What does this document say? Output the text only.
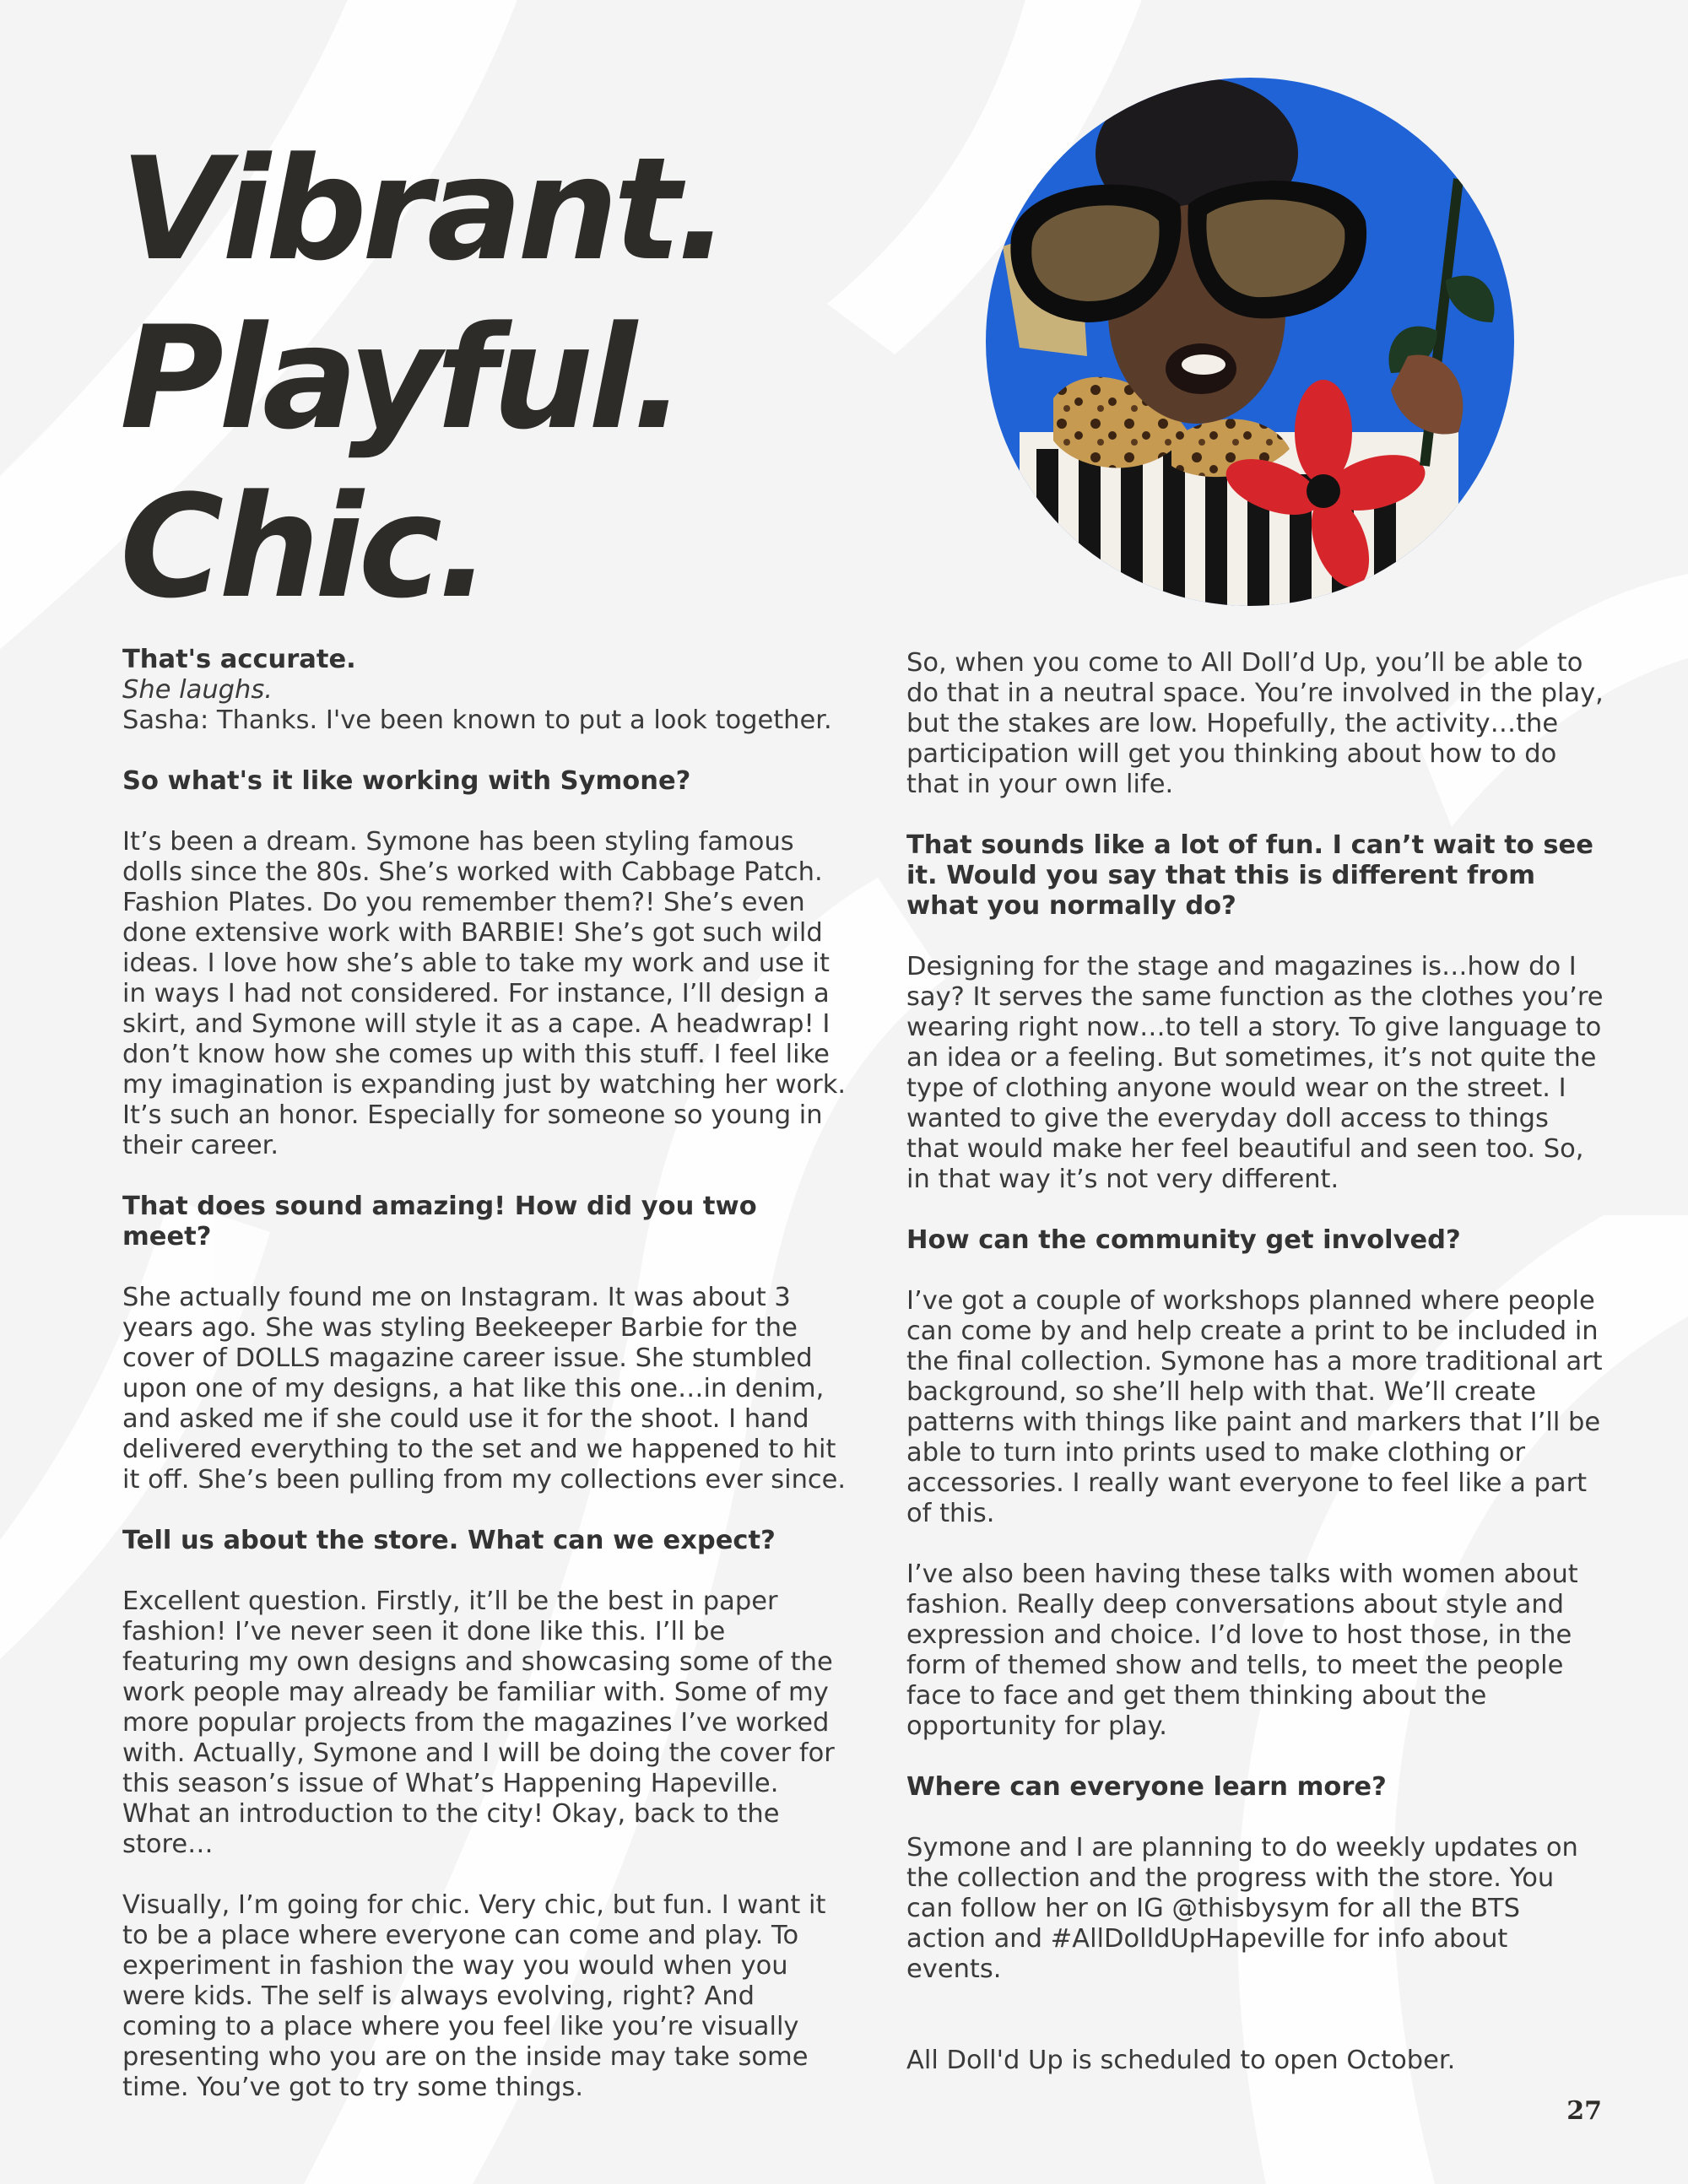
Vibrant.
Playful.
Chic.

That's accurate.

She laughs.

Sasha: Thanks. I've been known to put a look together.

So what's it like working with Symone?

It’s been a dream. Symone has been styling famous dolls since the 80s. She’s worked with Cabbage Patch. Fashion Plates. Do you remember them?! She’s even done extensive work with BARBIE! She’s got such wild ideas. I love how she’s able to take my work and use it in ways I had not considered. For instance, I’ll design a skirt, and Symone will style it as a cape. A headwrap! I don’t know how she comes up with this stuff. I feel like my imagination is expanding just by watching her work. It’s such an honor. Especially for someone so young in their career.

That does sound amazing! How did you two meet?

She actually found me on Instagram. It was about 3 years ago. She was styling Beekeeper Barbie for the cover of DOLLS magazine career issue. She stumbled upon one of my designs, a hat like this one…in denim, and asked me if she could use it for the shoot. I hand delivered everything to the set and we happened to hit it off. She’s been pulling from my collections ever since.

Tell us about the store. What can we expect?

Excellent question. Firstly, it’ll be the best in paper fashion! I’ve never seen it done like this. I’ll be featuring my own designs and showcasing some of the work people may already be familiar with. Some of my more popular projects from the magazines I’ve worked with. Actually, Symone and I will be doing the cover for this season’s issue of What’s Happening Hapeville. What an introduction to the city! Okay, back to the store…

Visually, I’m going for chic. Very chic, but fun. I want it to be a place where everyone can come and play. To experiment in fashion the way you would when you were kids. The self is always evolving, right? And coming to a place where you feel like you’re visually presenting who you are on the inside may take some time. You’ve got to try some things.

So, when you come to All Doll’d Up, you’ll be able to do that in a neutral space. You’re involved in the play, but the stakes are low. Hopefully, the activity…the participation will get you thinking about how to do that in your own life.

That sounds like a lot of fun. I can’t wait to see it. Would you say that this is different from what you normally do?

Designing for the stage and magazines is…how do I say? It serves the same function as the clothes you’re wearing right now…to tell a story. To give language to an idea or a feeling. But sometimes, it’s not quite the type of clothing anyone would wear on the street. I wanted to give the everyday doll access to things that would make her feel beautiful and seen too. So, in that way it’s not very different.

How can the community get involved?

I’ve got a couple of workshops planned where people can come by and help create a print to be included in the final collection. Symone has a more traditional art background, so she’ll help with that. We’ll create patterns with things like paint and markers that I’ll be able to turn into prints used to make clothing or accessories. I really want everyone to feel like a part of this.

I’ve also been having these talks with women about fashion. Really deep conversations about style and expression and choice. I’d love to host those, in the form of themed show and tells, to meet the people face to face and get them thinking about the opportunity for play.

Where can everyone learn more?

Symone and I are planning to do weekly updates on the collection and the progress with the store. You can follow her on IG @thisbysym for all the BTS action and #AllDolldUpHapeville for info about events.

All Doll'd Up is scheduled to open October.

27
